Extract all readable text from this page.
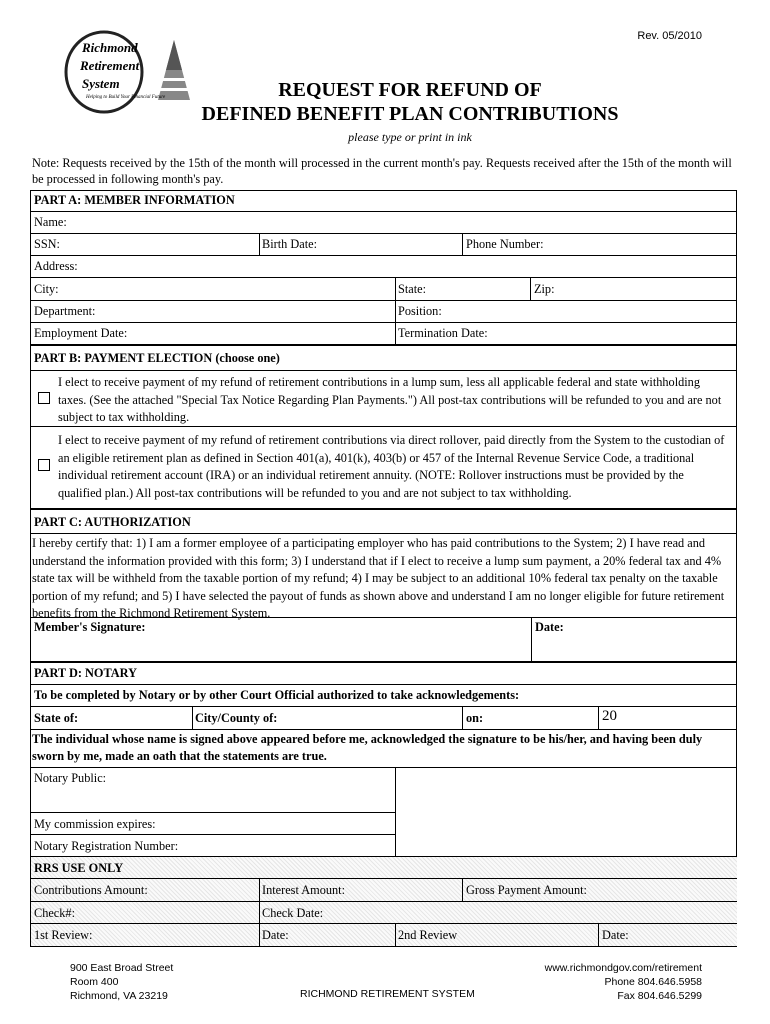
Richmond
Retirement
System
Helping to Build Your Financial Future
Rev. 05/2010
REQUEST FOR REFUND OF
DEFINED BENEFIT PLAN CONTRIBUTIONS
please type or print in ink
Note: Requests received by the 15th of the month will processed in the current month's pay. Requests received after the 15th of the month will be processed in following month's pay.
PART A: MEMBER INFORMATION
Name:
SSN:	Birth Date:	Phone Number:
Address:
City:	State:	Zip:
Department:	Position:
Employment Date:	Termination Date:
PART B: PAYMENT ELECTION (choose one)
I elect to receive payment of my refund of retirement contributions in a lump sum, less all applicable federal and state withholding taxes. (See the attached "Special Tax Notice Regarding Plan Payments.") All post-tax contributions will be refunded to you and are not subject to tax withholding.
I elect to receive payment of my refund of retirement contributions via direct rollover, paid directly from the System to the custodian of an eligible retirement plan as defined in Section 401(a), 401(k), 403(b) or 457 of the Internal Revenue Service Code, a traditional individual retirement account (IRA) or an individual retirement annuity. (NOTE: Rollover instructions must be provided by the qualified plan.) All post-tax contributions will be refunded to you and are not subject to tax withholding.
PART C: AUTHORIZATION
I hereby certify that: 1) I am a former employee of a participating employer who has paid contributions to the System; 2) I have read and understand the information provided with this form; 3) I understand that if I elect to receive a lump sum payment, a 20% federal tax and 4% state tax will be withheld from the taxable portion of my refund; 4) I may be subject to an additional 10% federal tax penalty on the taxable portion of my refund; and 5) I have selected the payout of funds as shown above and understand I am no longer eligible for future retirement benefits from the Richmond Retirement System.
Member's Signature:	Date:
PART D: NOTARY
To be completed by Notary or by other Court Official authorized to take acknowledgements:
State of:	City/County of:	on:	20
The individual whose name is signed above appeared before me, acknowledged the signature to be his/her, and having been duly sworn by me, made an oath that the statements are true.
Notary Public:
My commission expires:
Notary Registration Number:
RRS USE ONLY
Contributions Amount:	Interest Amount:	Gross Payment Amount:
Check#:	Check Date:
1st Review:	Date:	2nd Review	Date:
900 East Broad Street
Room 400
Richmond, VA 23219	RICHMOND RETIREMENT SYSTEM
www.richmondgov.com/retirement
Phone 804.646.5958
Fax 804.646.5299
